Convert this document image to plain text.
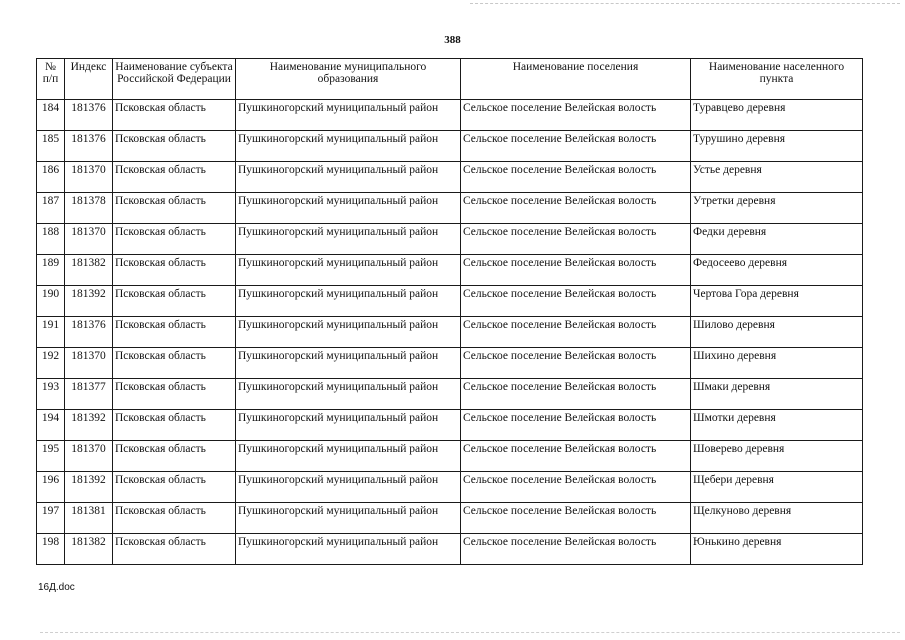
388
№ п/п	Индекс	Наименование субъекта Российской Федерации	Наименование муниципального образования	Наименование поселения	Наименование населенного пункта
184	181376	Псковская область	Пушкиногорский муниципальный район	Сельское поселение Велейская волость	Туравцево деревня
185	181376	Псковская область	Пушкиногорский муниципальный район	Сельское поселение Велейская волость	Турушино деревня
186	181370	Псковская область	Пушкиногорский муниципальный район	Сельское поселение Велейская волость	Устье деревня
187	181378	Псковская область	Пушкиногорский муниципальный район	Сельское поселение Велейская волость	Утретки деревня
188	181370	Псковская область	Пушкиногорский муниципальный район	Сельское поселение Велейская волость	Федки деревня
189	181382	Псковская область	Пушкиногорский муниципальный район	Сельское поселение Велейская волость	Федосеево деревня
190	181392	Псковская область	Пушкиногорский муниципальный район	Сельское поселение Велейская волость	Чертова Гора деревня
191	181376	Псковская область	Пушкиногорский муниципальный район	Сельское поселение Велейская волость	Шилово деревня
192	181370	Псковская область	Пушкиногорский муниципальный район	Сельское поселение Велейская волость	Шихино деревня
193	181377	Псковская область	Пушкиногорский муниципальный район	Сельское поселение Велейская волость	Шмаки деревня
194	181392	Псковская область	Пушкиногорский муниципальный район	Сельское поселение Велейская волость	Шмотки деревня
195	181370	Псковская область	Пушкиногорский муниципальный район	Сельское поселение Велейская волость	Шоверево деревня
196	181392	Псковская область	Пушкиногорский муниципальный район	Сельское поселение Велейская волость	Щебери деревня
197	181381	Псковская область	Пушкиногорский муниципальный район	Сельское поселение Велейская волость	Щелкуново деревня
198	181382	Псковская область	Пушкиногорский муниципальный район	Сельское поселение Велейская волость	Юнькино деревня
16Д.doc
